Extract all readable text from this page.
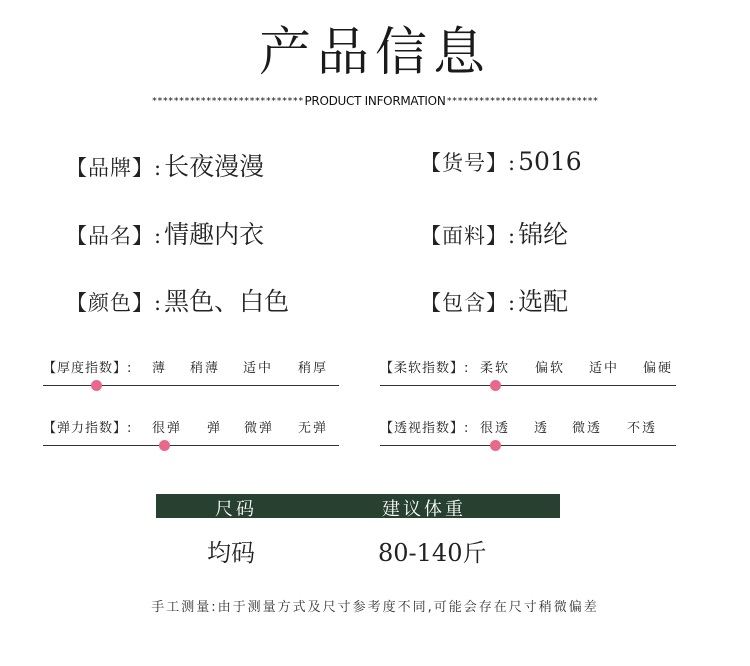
产品信息
****************************PRODUCT INFORMATION****************************
【品牌】:长夜漫漫	【货号】:5016
【品名】:情趣内衣	【面料】:锦纶
【颜色】:黑色、白色	【包含】:选配
【厚度指数】: 薄 稍薄 适中 稍厚	【柔软指数】: 柔软 偏软 适中 偏硬
【弹力指数】: 很弹 弹 微弹 无弹	【透视指数】: 很透 透 微透 不透
尺码	建议体重
均码	80-140斤
手工测量:由于测量方式及尺寸参考度不同,可能会存在尺寸稍微偏差
